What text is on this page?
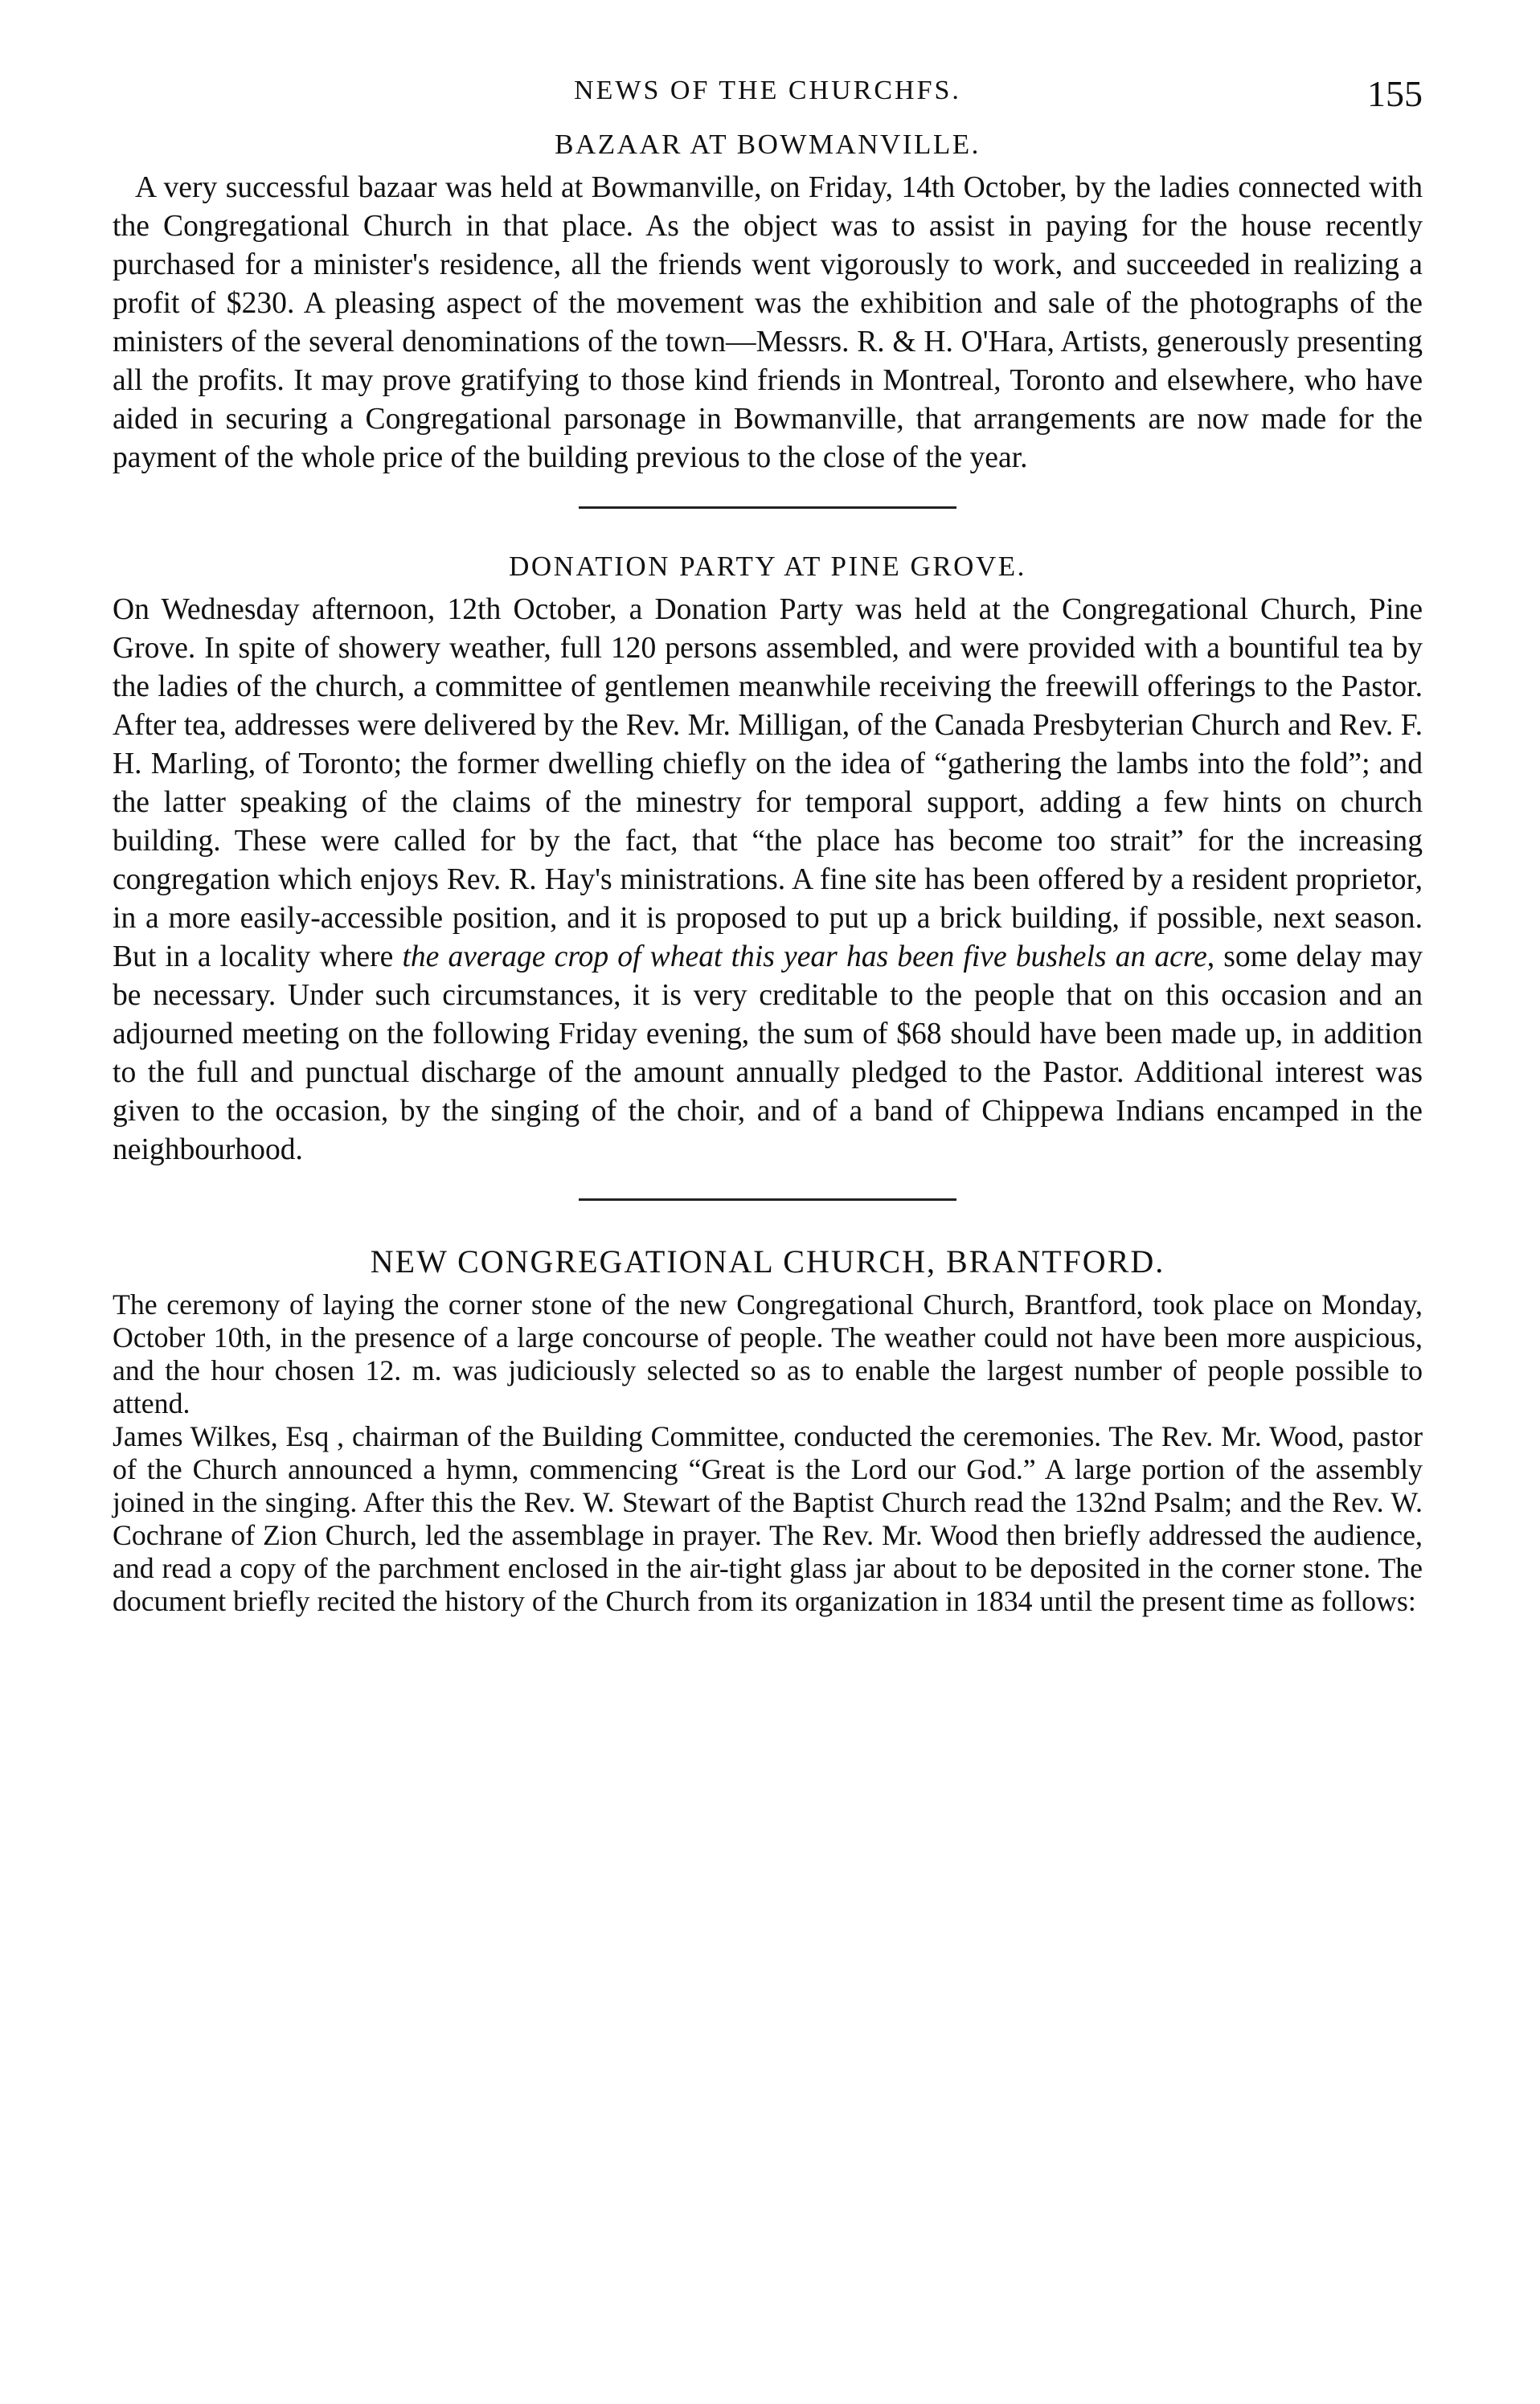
NEWS OF THE CHURCHFS.	155
BAZAAR AT BOWMANVILLE.

A very successful bazaar was held at Bowmanville, on Friday, 14th October, by the ladies connected with the Congregational Church in that place. As the object was to assist in paying for the house recently purchased for a minister's residence, all the friends went vigorously to work, and succeeded in realizing a profit of $230. A pleasing aspect of the movement was the exhibition and sale of the photographs of the ministers of the several denominations of the town—Messrs. R. & H. O'Hara, Artists, generously presenting all the profits. It may prove gratifying to those kind friends in Montreal, Toronto and elsewhere, who have aided in securing a Congregational parsonage in Bowmanville, that arrangements are now made for the payment of the whole price of the building previous to the close of the year.

DONATION PARTY AT PINE GROVE.

On Wednesday afternoon, 12th October, a Donation Party was held at the Congregational Church, Pine Grove. In spite of showery weather, full 120 persons assembled, and were provided with a bountiful tea by the ladies of the church, a committee of gentlemen meanwhile receiving the freewill offerings to the Pastor. After tea, addresses were delivered by the Rev. Mr. Milligan, of the Canada Presbyterian Church and Rev. F. H. Marling, of Toronto; the former dwelling chiefly on the idea of “gathering the lambs into the fold”; and the latter speaking of the claims of the minestry for temporal support, adding a few hints on church building. These were called for by the fact, that “the place has become too strait” for the increasing congregation which enjoys Rev. R. Hay's ministrations. A fine site has been offered by a resident proprietor, in a more easily-accessible position, and it is proposed to put up a brick building, if possible, next season. But in a locality where the average crop of wheat this year has been five bushels an acre, some delay may be necessary. Under such circumstances, it is very creditable to the people that on this occasion and an adjourned meeting on the following Friday evening, the sum of $68 should have been made up, in addition to the full and punctual discharge of the amount annually pledged to the Pastor. Additional interest was given to the occasion, by the singing of the choir, and of a band of Chippewa Indians encamped in the neighbourhood.

NEW CONGREGATIONAL CHURCH, BRANTFORD.

The ceremony of laying the corner stone of the new Congregational Church, Brantford, took place on Monday, October 10th, in the presence of a large concourse of people. The weather could not have been more auspicious, and the hour chosen 12. m. was judiciously selected so as to enable the largest number of people possible to attend.

James Wilkes, Esq , chairman of the Building Committee, conducted the ceremonies. The Rev. Mr. Wood, pastor of the Church announced a hymn, commencing “Great is the Lord our God.” A large portion of the assembly joined in the singing. After this the Rev. W. Stewart of the Baptist Church read the 132nd Psalm; and the Rev. W. Cochrane of Zion Church, led the assemblage in prayer. The Rev. Mr. Wood then briefly addressed the audience, and read a copy of the parchment enclosed in the air-tight glass jar about to be deposited in the corner stone. The document briefly recited the history of the Church from its organization in 1834 until the present time as follows:
